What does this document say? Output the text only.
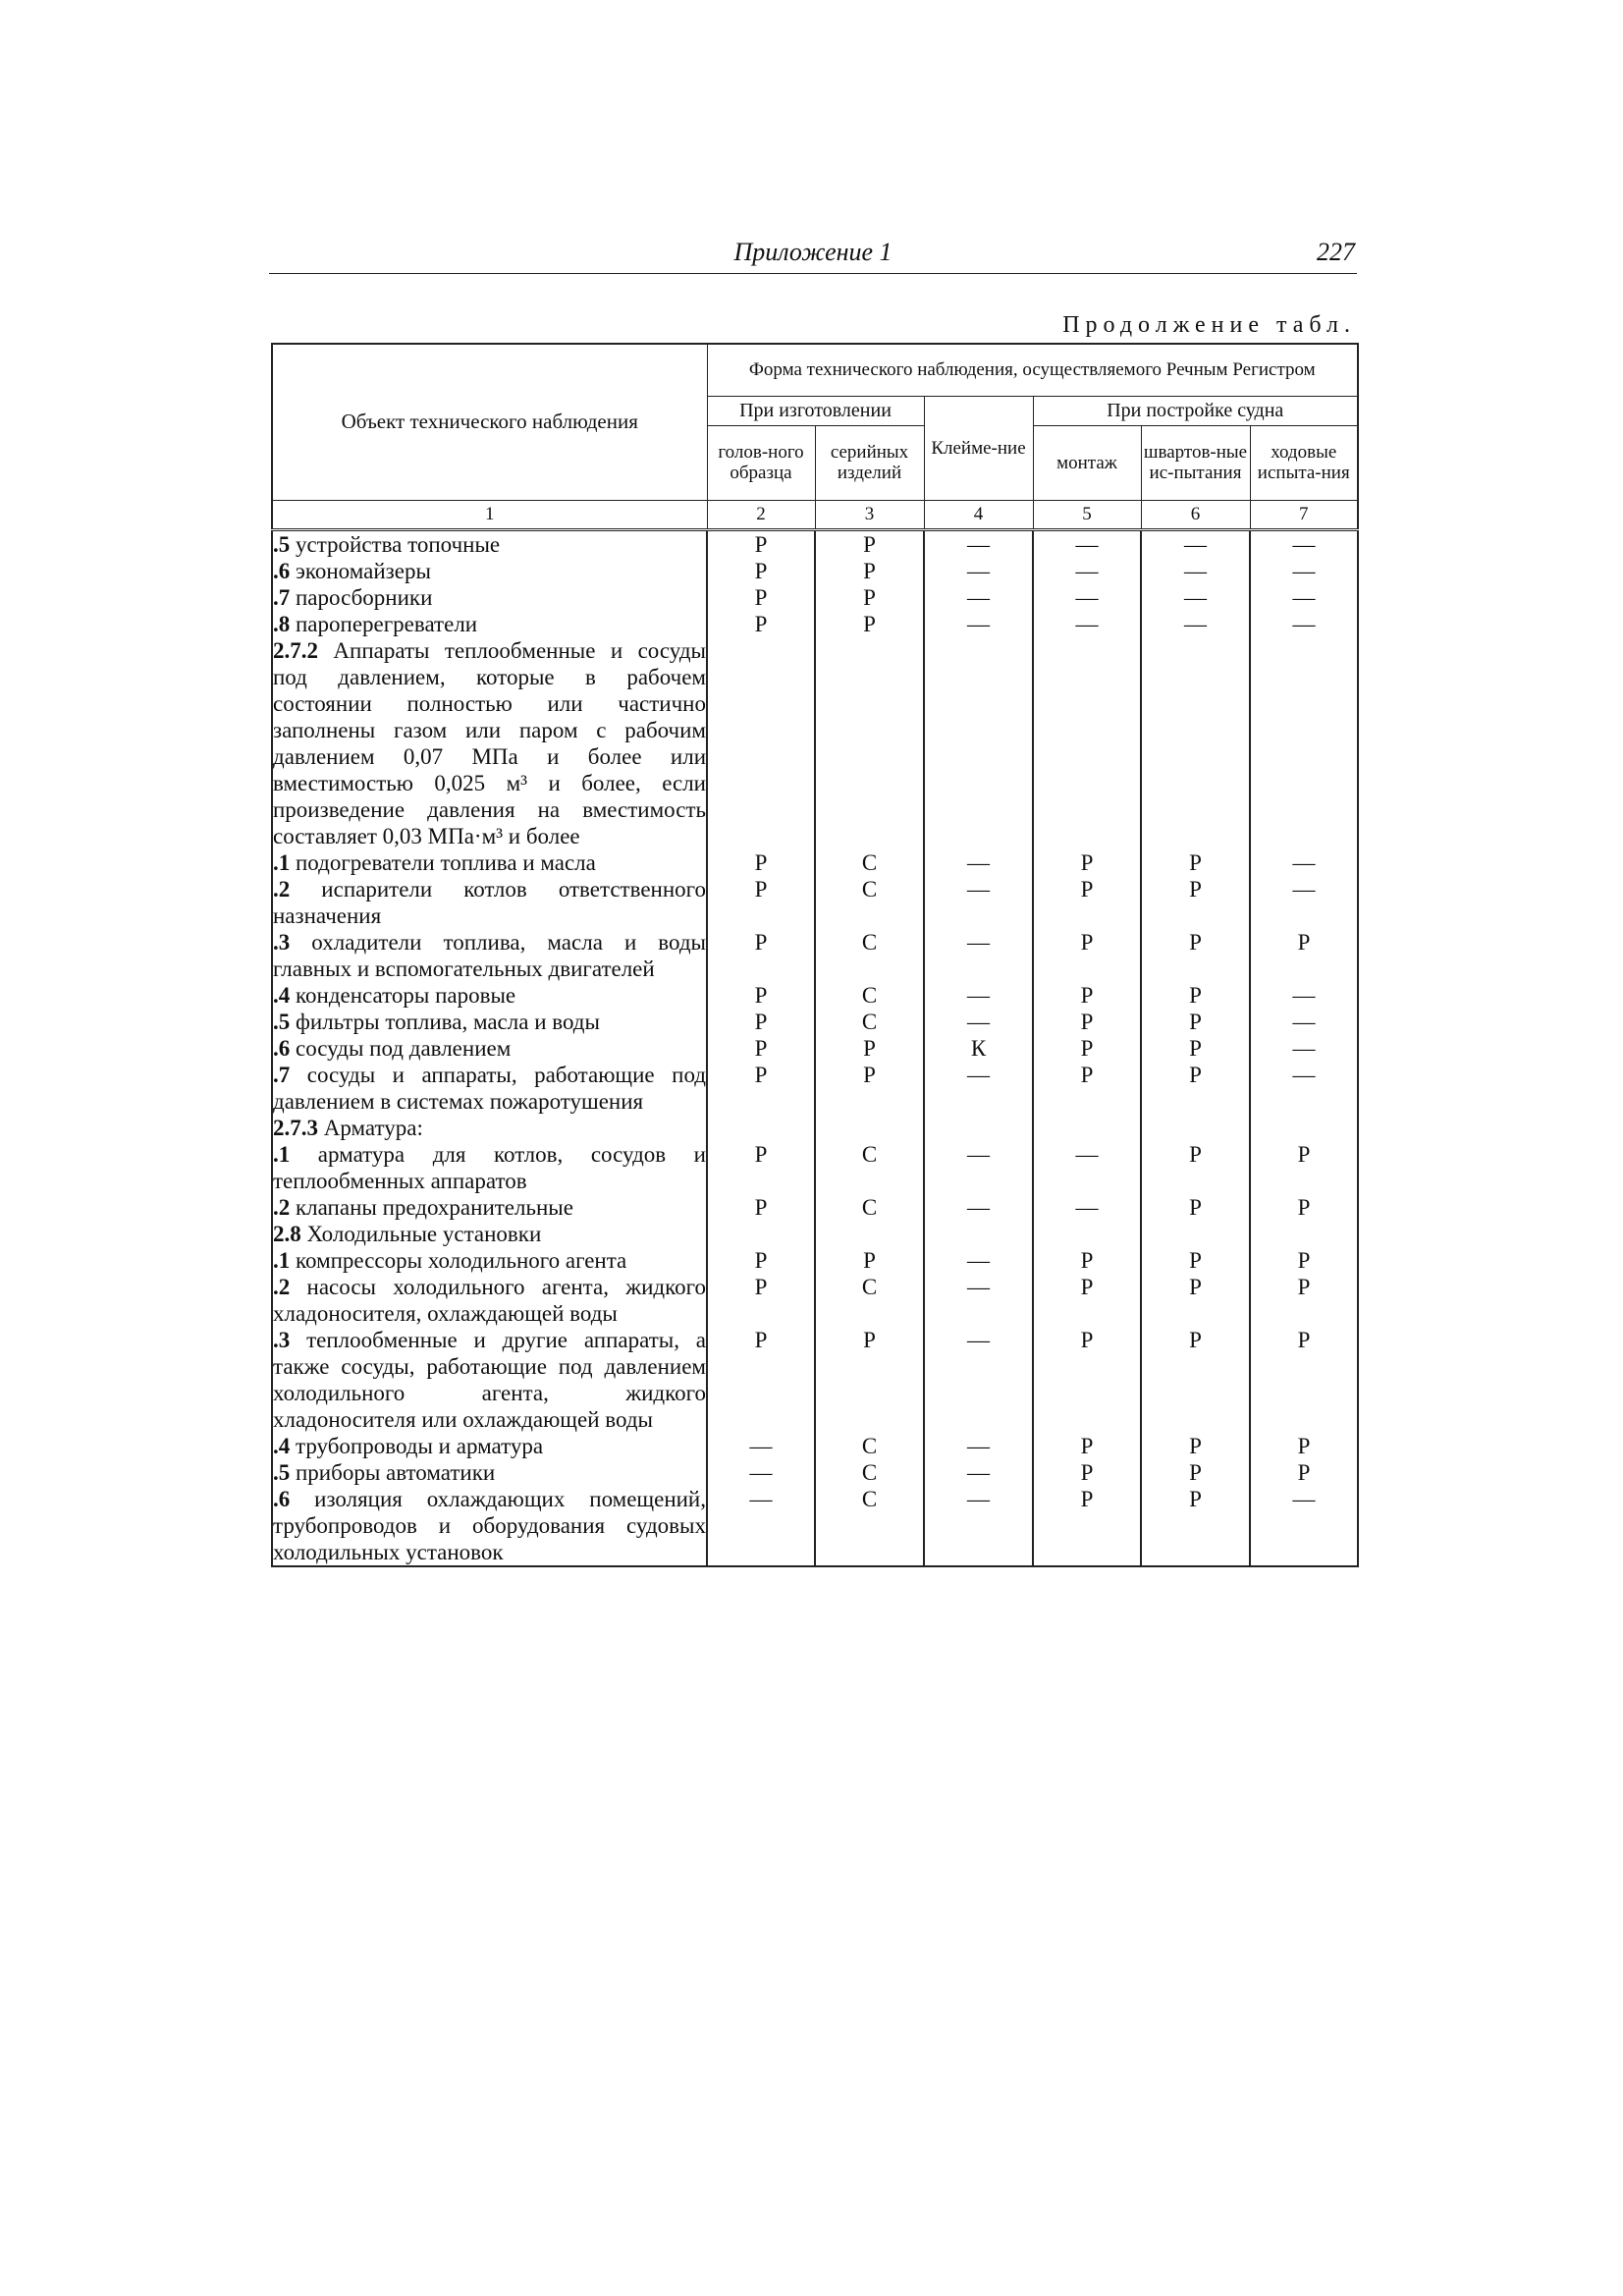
Приложение 1	227
Продолжение табл.
Объект технического наблюдения	Форма технического наблюдения, осуществляемого Речным Регистром					
	При изготовлении		Клейме-ние	При постройке судна		
	голов-ного образца	серийных изделий		монтаж	швартов-ные ис-пытания	ходовые испыта-ния
1	2	3	4	5	6	7
.5 устройства топочные	Р	Р	—	—	—	—
.6 экономайзеры	Р	Р	—	—	—	—
.7 паросборники	Р	Р	—	—	—	—
.8 пароперегреватели	Р	Р	—	—	—	—
2.7.2 Аппараты теплообменные и сосуды под давлением, которые в рабочем состоянии полностью или частично заполнены газом или паром с рабочим давлением 0,07 МПа и более или вместимостью 0,025 м³ и более, если произведение давления на вместимость составляет 0,03 МПа·м³ и более						
.1 подогреватели топлива и масла	Р	С	—	Р	Р	—
.2 испарители котлов ответственного назначения	Р	С	—	Р	Р	—
.3 охладители топлива, масла и воды главных и вспомогательных двигателей	Р	С	—	Р	Р	Р
.4 конденсаторы паровые	Р	С	—	Р	Р	—
.5 фильтры топлива, масла и воды	Р	С	—	Р	Р	—
.6 сосуды под давлением	Р	Р	К	Р	Р	—
.7 сосуды и аппараты, работающие под давлением в системах пожаротушения	Р	Р	—	Р	Р	—
2.7.3 Арматура:						
.1 арматура для котлов, сосудов и теплообменных аппаратов	Р	С	—	—	Р	Р
.2 клапаны предохранительные	Р	С	—	—	Р	Р
2.8 Холодильные установки						
.1 компрессоры холодильного агента	Р	Р	—	Р	Р	Р
.2 насосы холодильного агента, жидкого хладоносителя, охлаждающей воды	Р	С	—	Р	Р	Р
.3 теплообменные и другие аппараты, а также сосуды, работающие под давлением холодильного агента, жидкого хладоносителя или охлаждающей воды	Р	Р	—	Р	Р	Р
.4 трубопроводы и арматура	—	С	—	Р	Р	Р
.5 приборы автоматики	—	С	—	Р	Р	Р
.6 изоляция охлаждающих помещений, трубопроводов и оборудования судовых холодильных установок	—	С	—	Р	Р	—
